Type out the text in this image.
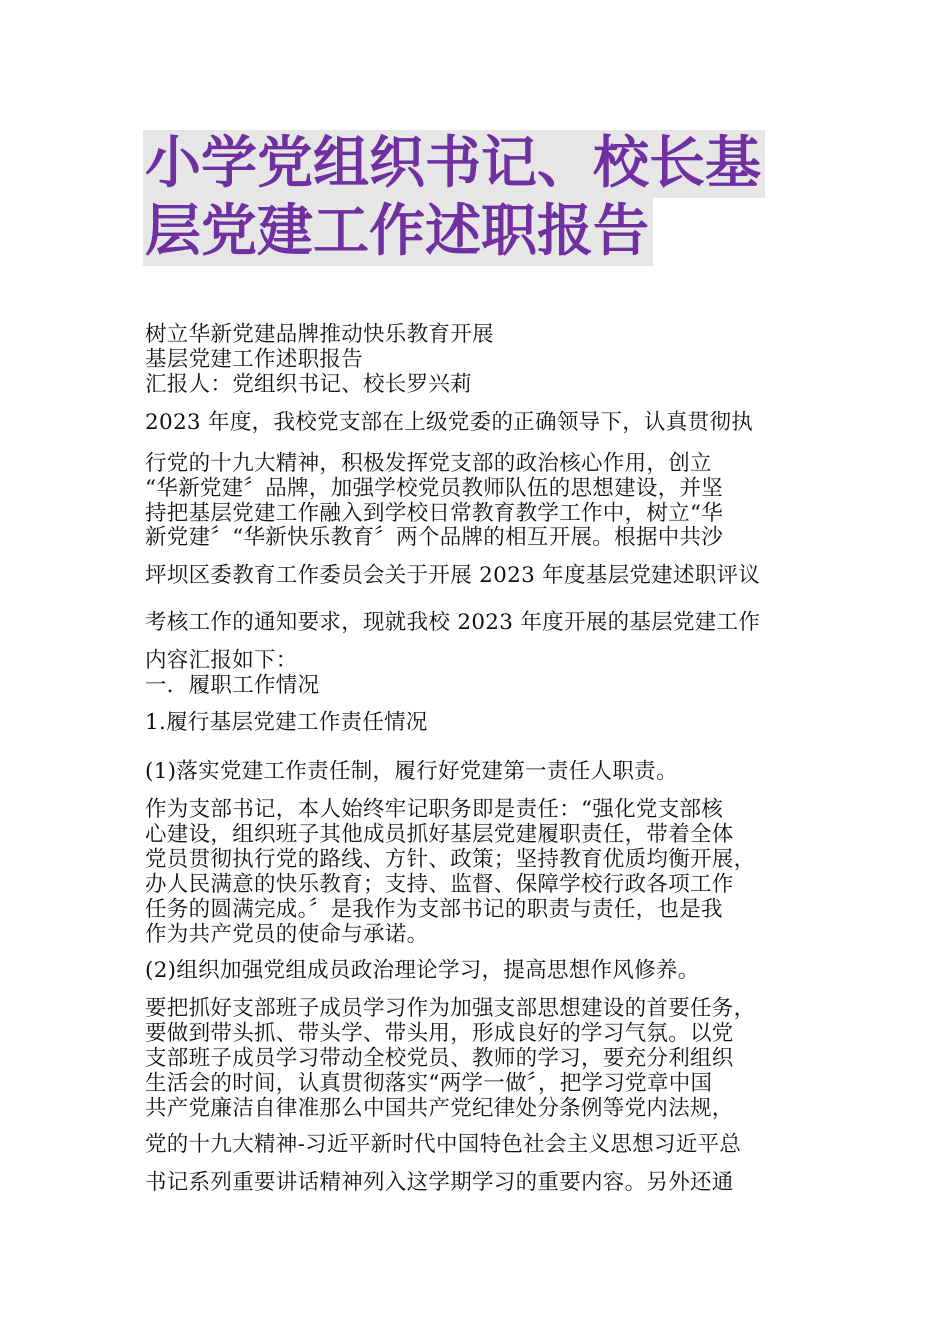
小学党组织书记、校长基
层党建工作述职报告
树立华新党建品牌推动快乐教育开展
基层党建工作述职报告
汇报人：党组织书记、校长罗兴莉
2023 年度，我校党支部在上级党委的正确领导下，认真贯彻执
行党的十九大精神，积极发挥党支部的政治核心作用，创立
“华新党建〞品牌，加强学校党员教师队伍的思想建设，并坚
持把基层党建工作融入到学校日常教育教学工作中，树立“华
新党建〞“华新快乐教育〞两个品牌的相互开展。根据中共沙
坪坝区委教育工作委员会关于开展 2023 年度基层党建述职评议
考核工作的通知要求，现就我校 2023 年度开展的基层党建工作
内容汇报如下：
一．履职工作情况
1.履行基层党建工作责任情况
(1)落实党建工作责任制，履行好党建第一责任人职责。
作为支部书记，本人始终牢记职务即是责任：“强化党支部核
心建设，组织班子其他成员抓好基层党建履职责任，带着全体
党员贯彻执行党的路线、方针、政策；坚持教育优质均衡开展，
办人民满意的快乐教育；支持、监督、保障学校行政各项工作
任务的圆满完成。〞是我作为支部书记的职责与责任，也是我
作为共产党员的使命与承诺。
(2)组织加强党组成员政治理论学习，提高思想作风修养。
要把抓好支部班子成员学习作为加强支部思想建设的首要任务，
要做到带头抓、带头学、带头用，形成良好的学习气氛。以党
支部班子成员学习带动全校党员、教师的学习，要充分利组织
生活会的时间，认真贯彻落实“两学一做〞，把学习党章中国
共产党廉洁自律准那么中国共产党纪律处分条例等党内法规，
党的十九大精神-习近平新时代中国特色社会主义思想习近平总
书记系列重要讲话精神列入这学期学习的重要内容。另外还通
